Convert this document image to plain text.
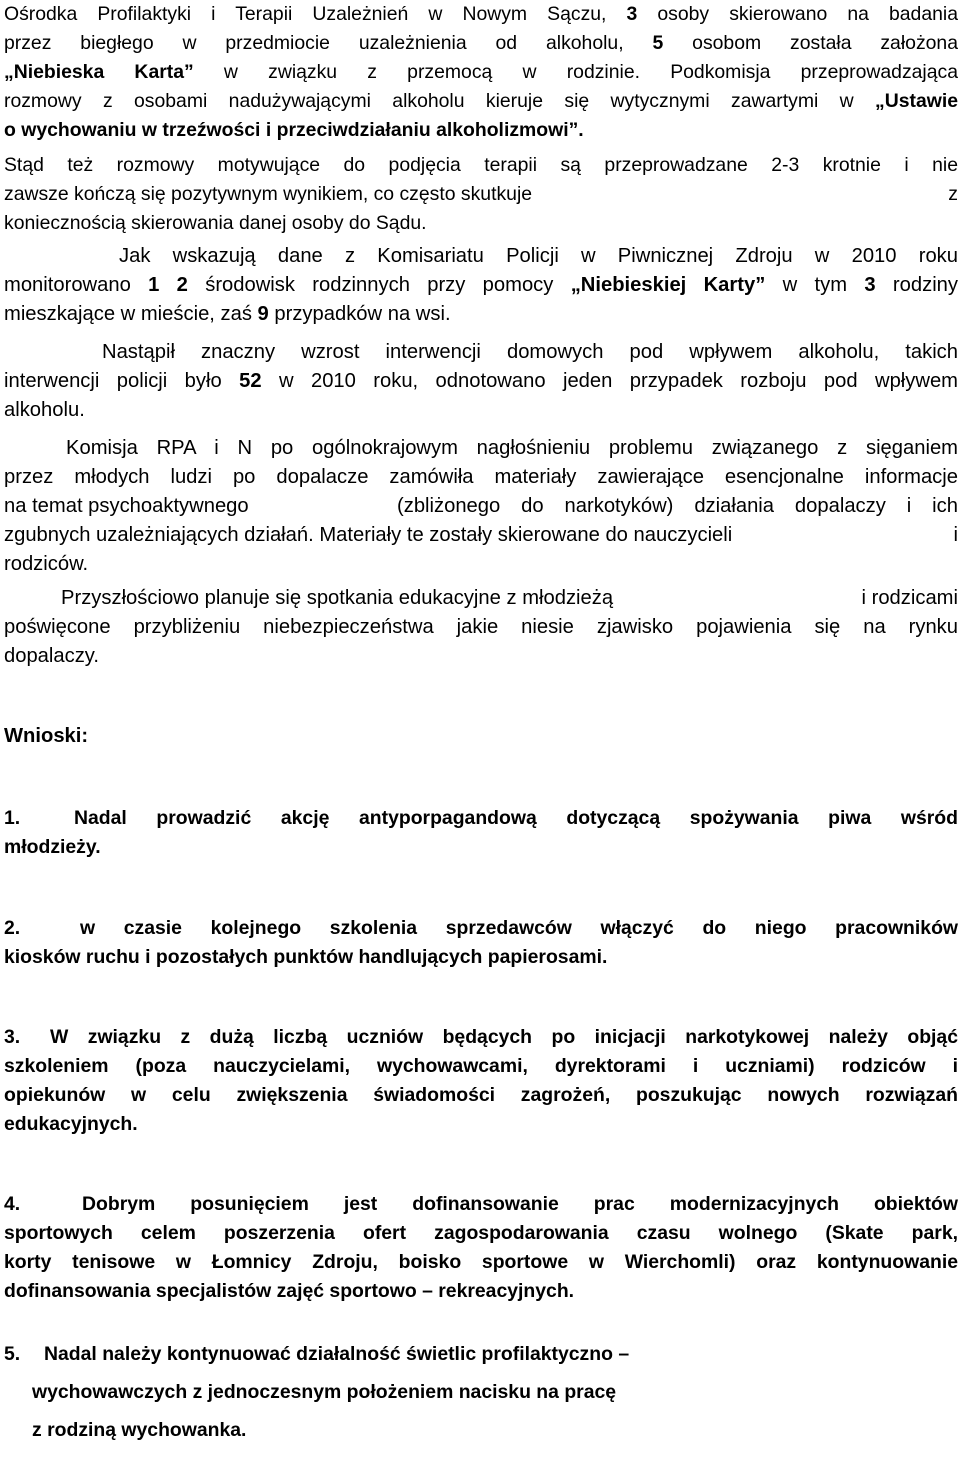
Ośrodka Profilaktyki i Terapii Uzależnień w Nowym Sączu, 3 osoby skierowano na badania
przez biegłego w przedmiocie uzależnienia od alkoholu, 5 osobom została założona
„Niebieska Karta” w związku z przemocą w rodzinie. Podkomisja przeprowadzająca
rozmowy z osobami nadużywającymi alkoholu kieruje się wytycznymi zawartymi w „Ustawie
o wychowaniu w trzeźwości i przeciwdziałaniu alkoholizmowi”.
Stąd też rozmowy motywujące do podjęcia terapii są przeprowadzane 2-3 krotnie i nie
zawsze kończą się pozytywnym wynikiem, co często skutkuje	z
koniecznością skierowania danej osoby do Sądu.
Jak wskazują dane z Komisariatu Policji w Piwnicznej Zdroju w 2010 roku
monitorowano 1 2 środowisk rodzinnych przy pomocy „Niebieskiej Karty” w tym 3 rodziny
mieszkające w mieście, zaś 9 przypadków na wsi.
Nastąpił znaczny wzrost interwencji domowych pod wpływem alkoholu, takich
interwencji policji było 52 w 2010 roku, odnotowano jeden przypadek rozboju pod wpływem
alkoholu.
Komisja RPA i N po ogólnokrajowym nagłośnieniu problemu związanego z sięganiem
przez młodych ludzi po dopalacze zamówiła materiały zawierające esencjonalne informacje
na temat psychoaktywnego	(zbliżonego do narkotyków) działania dopalaczy i ich
zgubnych uzależniających działań. Materiały te zostały skierowane do nauczycieli	i
rodziców.
Przyszłościowo planuje się spotkania edukacyjne z młodzieżą	i rodzicami
poświęcone przybliżeniu niebezpieczeństwa jakie niesie zjawisko pojawienia się na rynku
dopalaczy.
Wnioski:
1.	Nadal prowadzić akcję antyporpagandową dotyczącą spożywania piwa wśród
młodzieży.
2.	w czasie kolejnego szkolenia sprzedawców włączyć do niego pracowników
kiosków ruchu i pozostałych punktów handlujących papierosami.
3. W związku z dużą liczbą uczniów będących po inicjacji narkotykowej należy objąć
szkoleniem (poza nauczycielami, wychowawcami, dyrektorami i uczniami) rodziców i
opiekunów w celu zwiększenia świadomości zagrożeń, poszukując nowych rozwiązań
edukacyjnych.
4.	Dobrym posunięciem jest dofinansowanie prac modernizacyjnych obiektów
sportowych celem poszerzenia ofert zagospodarowania czasu wolnego (Skate park,
korty tenisowe w Łomnicy Zdroju, boisko sportowe w Wierchomli) oraz kontynuowanie
dofinansowania specjalistów zajęć sportowo – rekreacyjnych.
5. Nadal należy kontynuować działalność świetlic profilaktyczno –
wychowawczych z jednoczesnym położeniem nacisku na pracę
z rodziną wychowanka.
